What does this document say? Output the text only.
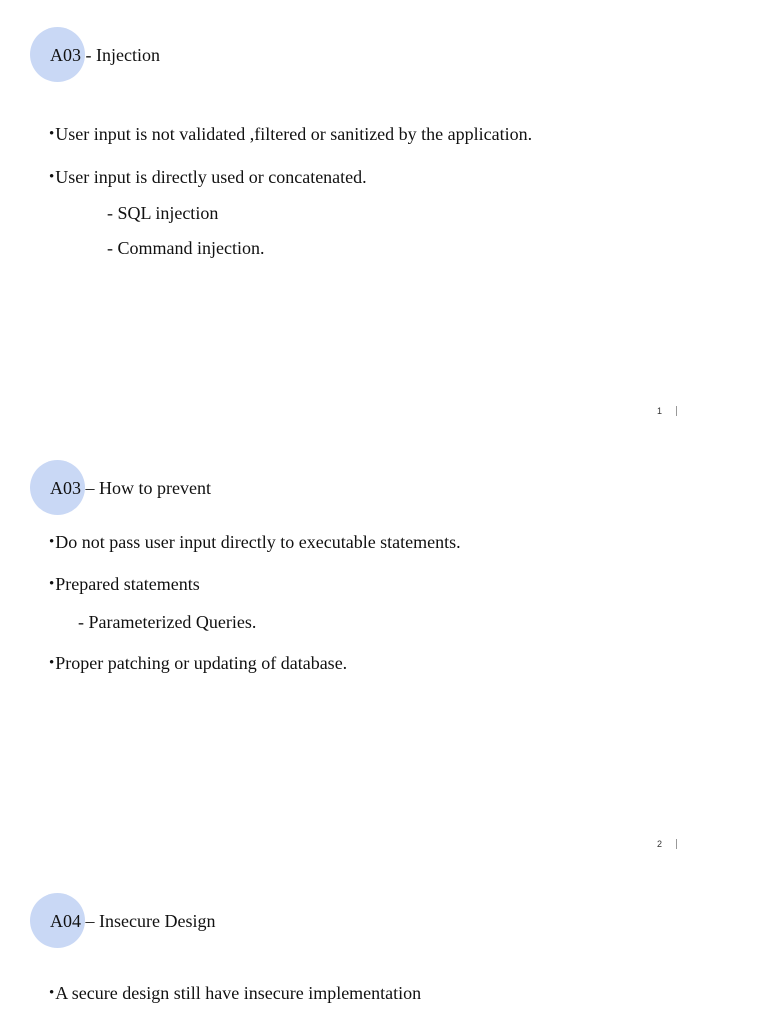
A03 - Injection
•User input is not validated ,filtered or sanitized by the application.
•User input is directly used or concatenated.
- SQL injection
- Command injection.
1
A03 – How to prevent
•Do not pass user input directly to executable statements.
•Prepared statements
- Parameterized Queries.
•Proper patching or updating of database.
2
A04 – Insecure Design
•A secure design still have insecure implementation
